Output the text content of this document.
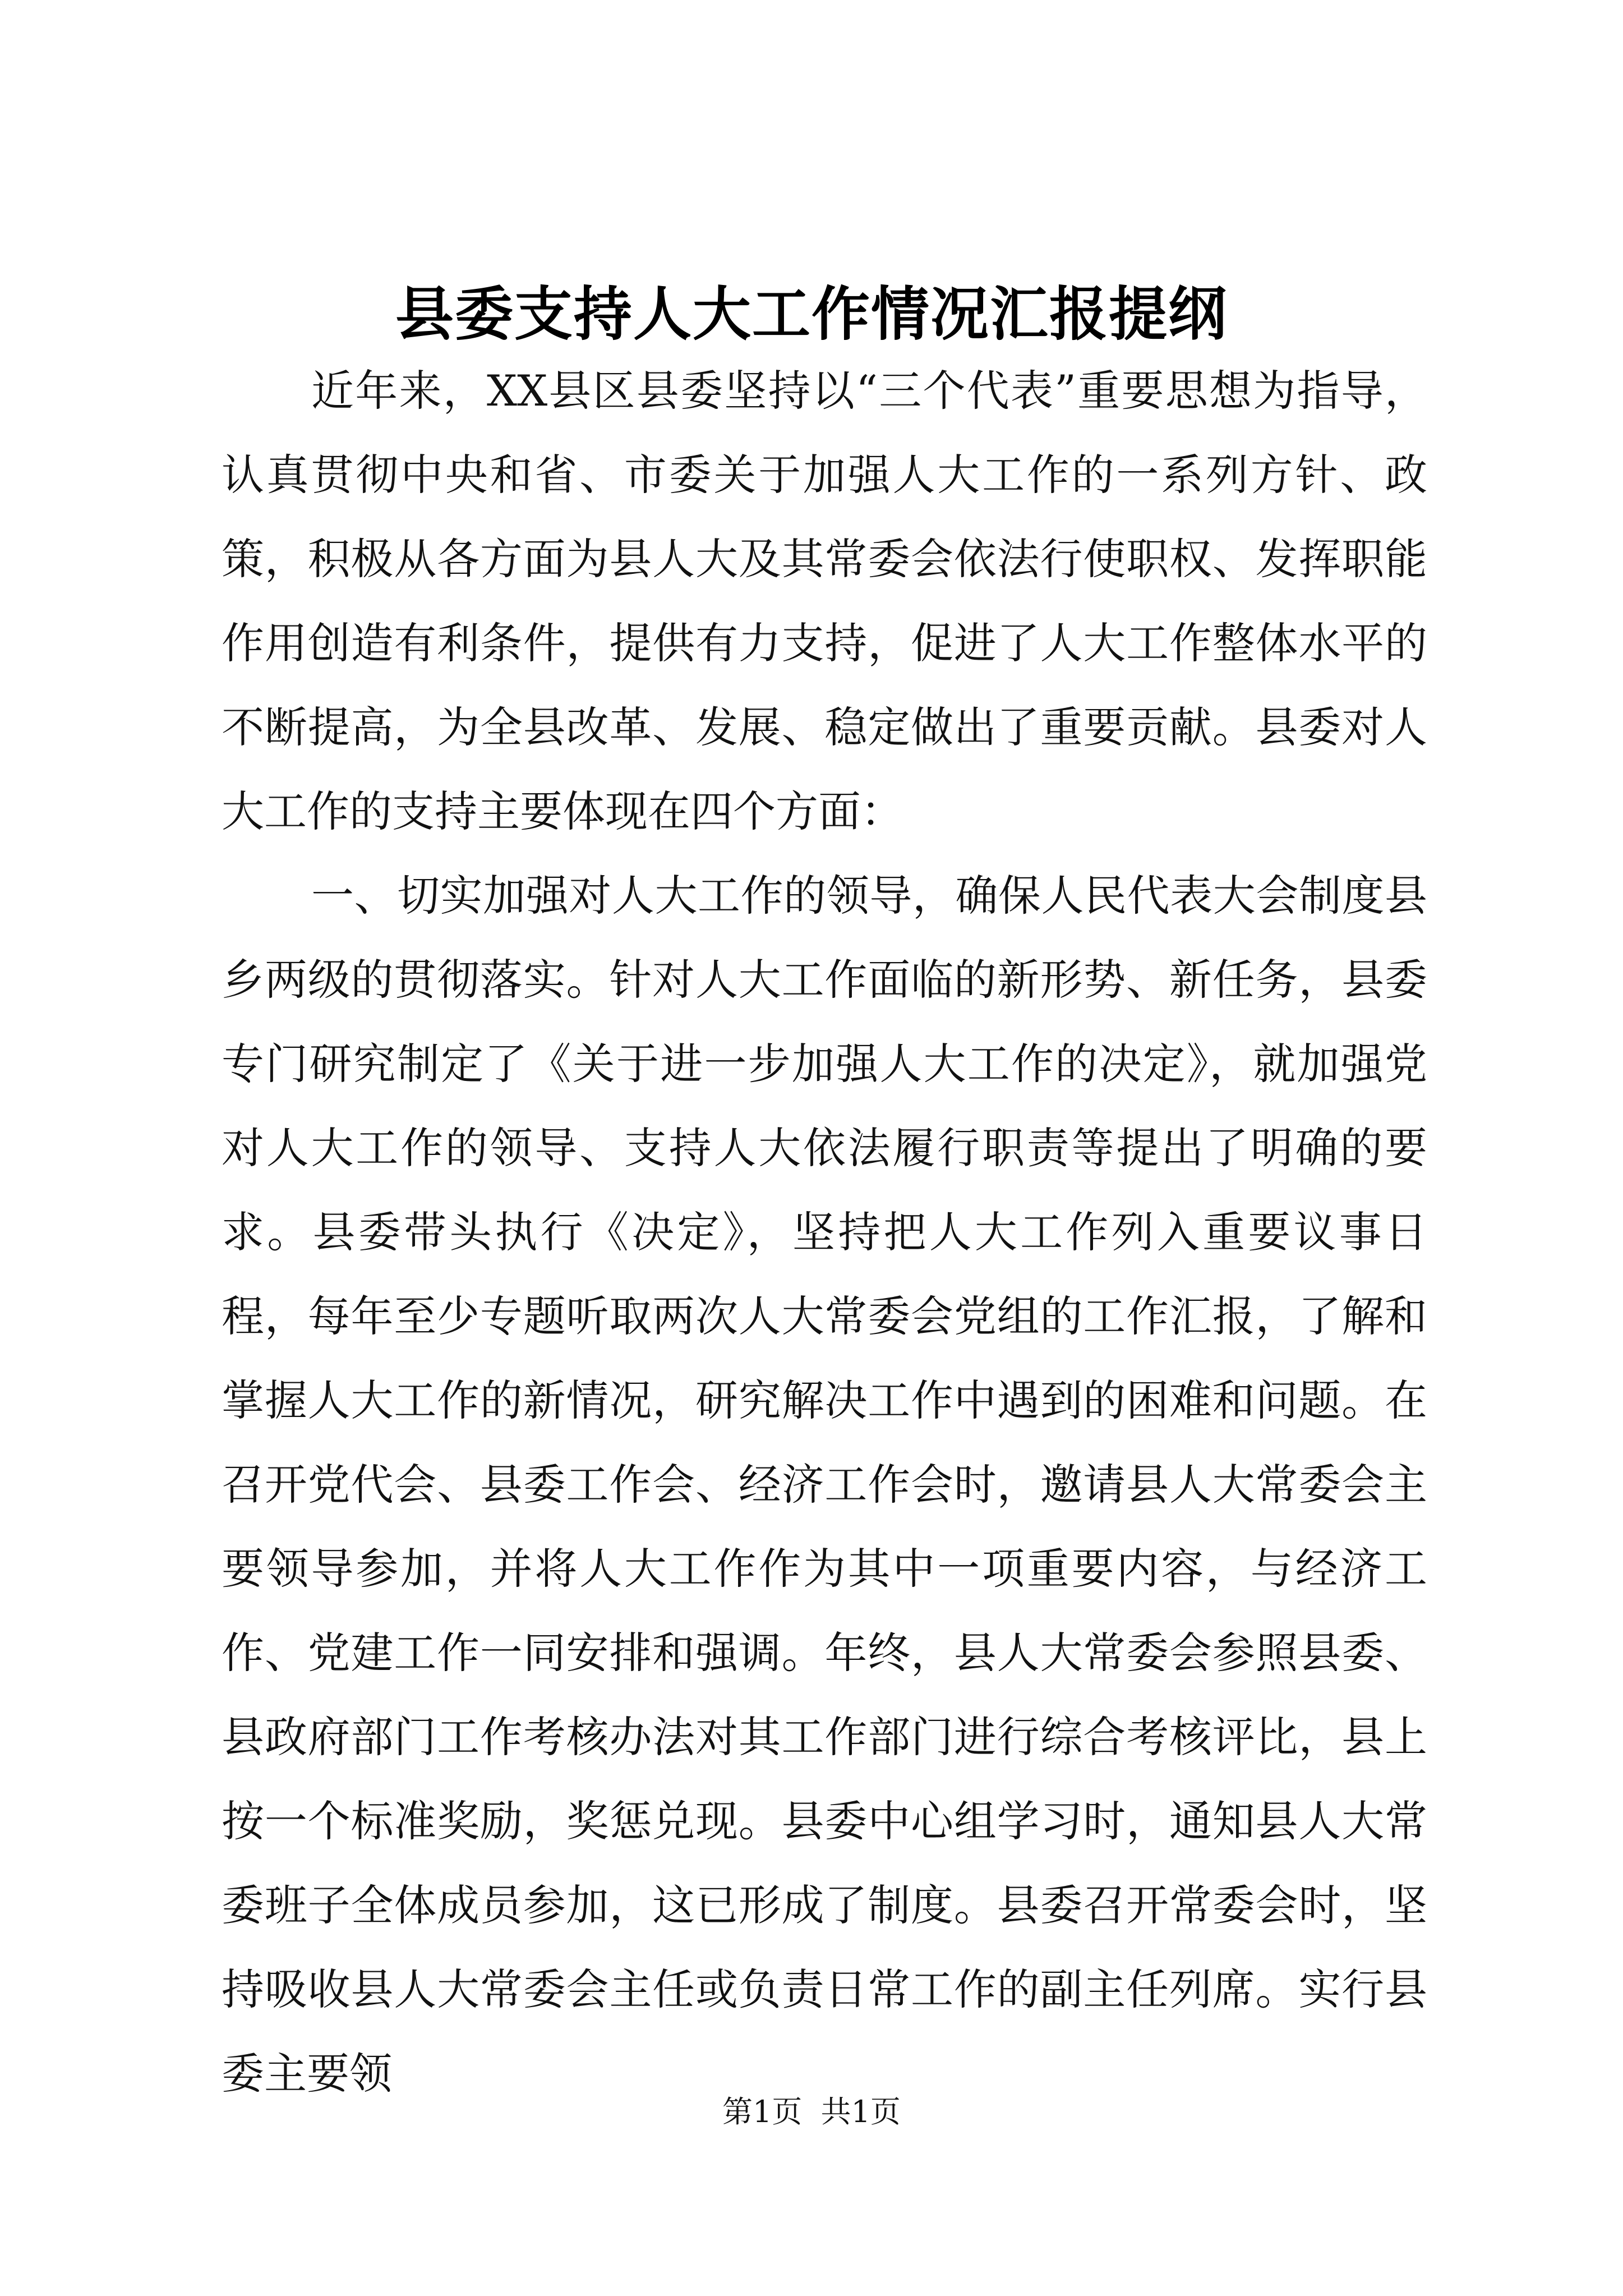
县委支持人大工作情况汇报提纲

近年来，XX县区县委坚持以“三个代表”重要思想为指导，认真贯彻中央和省、市委关于加强人大工作的一系列方针、政策，积极从各方面为县人大及其常委会依法行使职权、发挥职能作用创造有利条件，提供有力支持，促进了人大工作整体水平的不断提高，为全县改革、发展、稳定做出了重要贡献。县委对人大工作的支持主要体现在四个方面：

一、切实加强对人大工作的领导，确保人民代表大会制度县乡两级的贯彻落实。针对人大工作面临的新形势、新任务，县委专门研究制定了《关于进一步加强人大工作的决定》，就加强党对人大工作的领导、支持人大依法履行职责等提出了明确的要求。县委带头执行《决定》，坚持把人大工作列入重要议事日程，每年至少专题听取两次人大常委会党组的工作汇报，了解和掌握人大工作的新情况，研究解决工作中遇到的困难和问题。在召开党代会、县委工作会、经济工作会时，邀请县人大常委会主要领导参加，并将人大工作作为其中一项重要内容，与经济工作、党建工作一同安排和强调。年终，县人大常委会参照县委、县政府部门工作考核办法对其工作部门进行综合考核评比，县上按一个标准奖励，奖惩兑现。县委中心组学习时，通知县人大常委班子全体成员参加，这已形成了制度。县委召开常委会时，坚持吸收县人大常委会主任或负责日常工作的副主任列席。实行县委主要领

第1页 共1页
